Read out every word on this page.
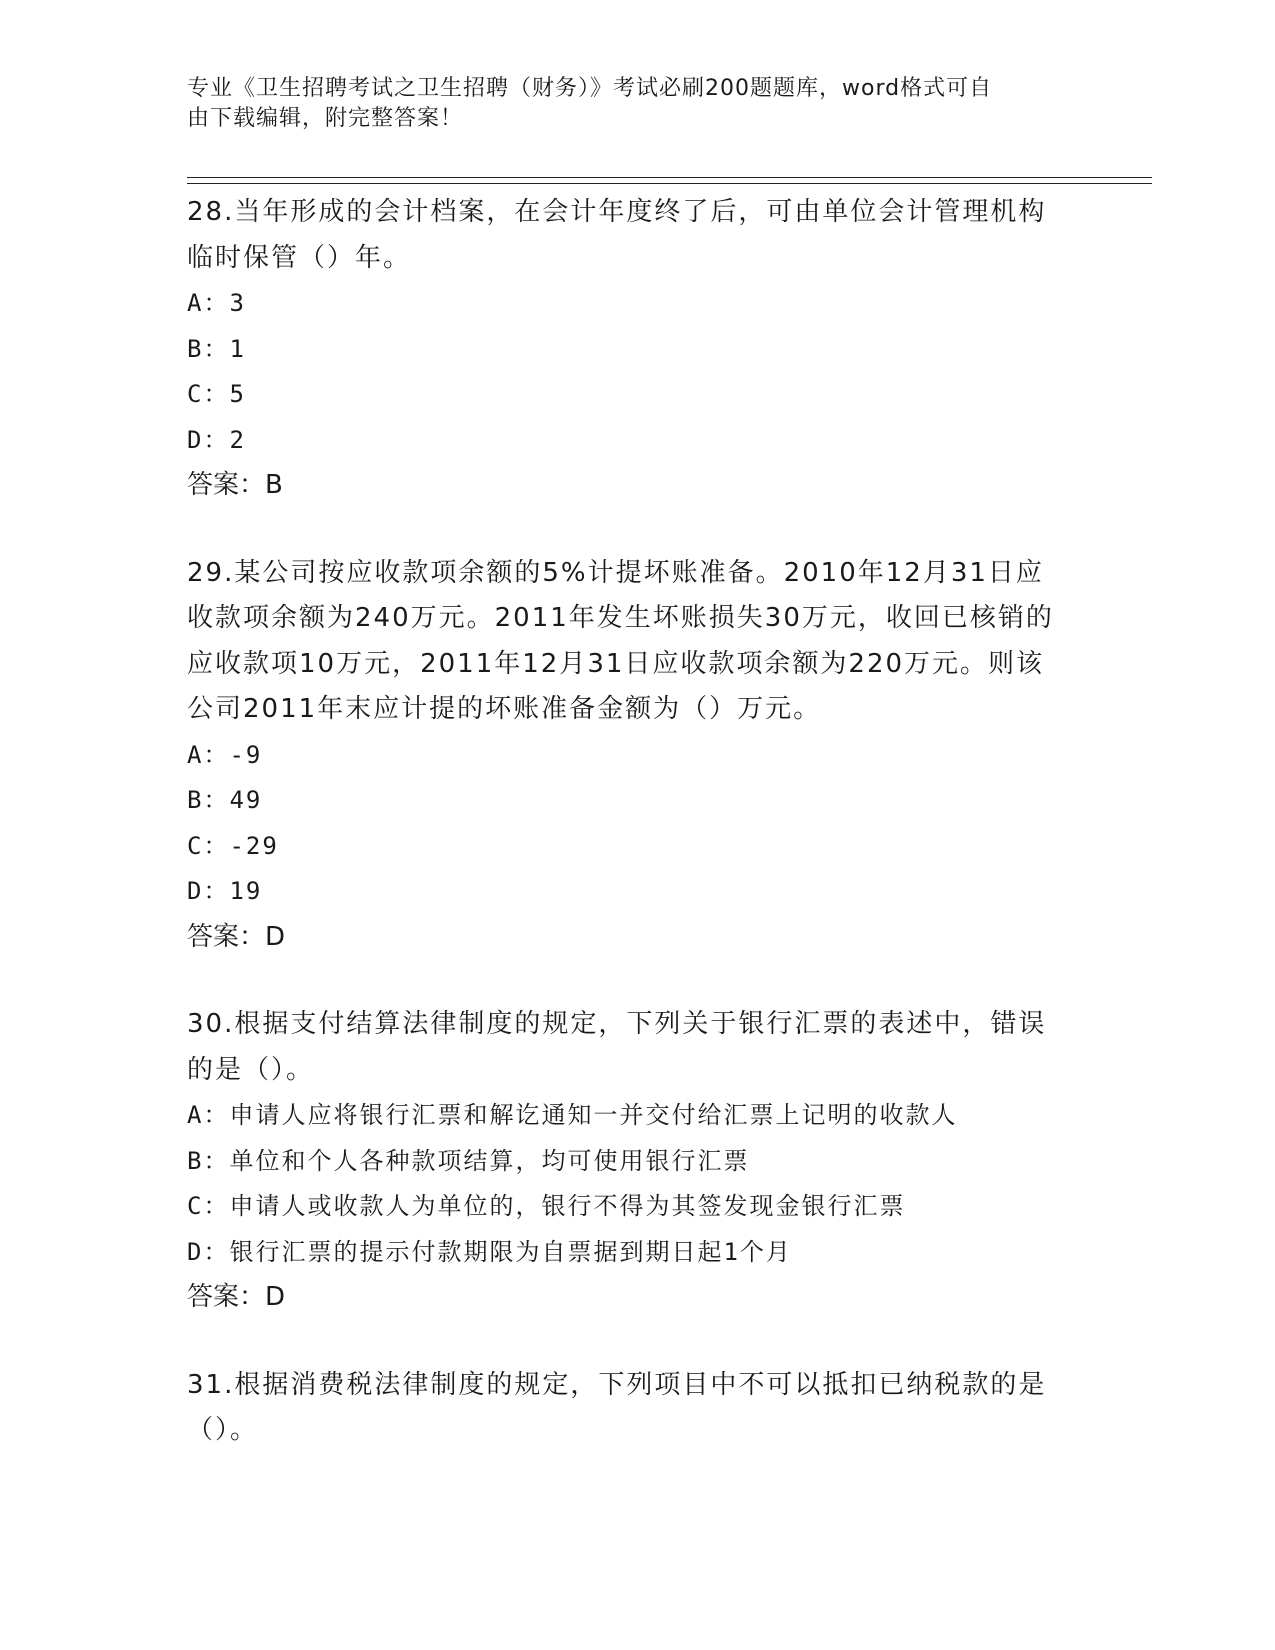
专业《卫生招聘考试之卫生招聘（财务）》考试必刷200题题库，word格式可自

由下载编辑，附完整答案！

28.当年形成的会计档案，在会计年度终了后，可由单位会计管理机构
临时保管（）年。

A：3

B：1

C：5

D：2

答案：B

29.某公司按应收款项余额的5%计提坏账准备。2010年12月31日应
收款项余额为240万元。2011年发生坏账损失30万元，收回已核销的
应收款项10万元，2011年12月31日应收款项余额为220万元。则该
公司2011年末应计提的坏账准备金额为（）万元。

A：-9

B：49

C：-29

D：19

答案：D

30.根据支付结算法律制度的规定，下列关于银行汇票的表述中，错误
的是（）。

A：申请人应将银行汇票和解讫通知一并交付给汇票上记明的收款人

B：单位和个人各种款项结算，均可使用银行汇票

C：申请人或收款人为单位的，银行不得为其签发现金银行汇票

D：银行汇票的提示付款期限为自票据到期日起1个月

答案：D

31.根据消费税法律制度的规定，下列项目中不可以抵扣已纳税款的是
（）。
